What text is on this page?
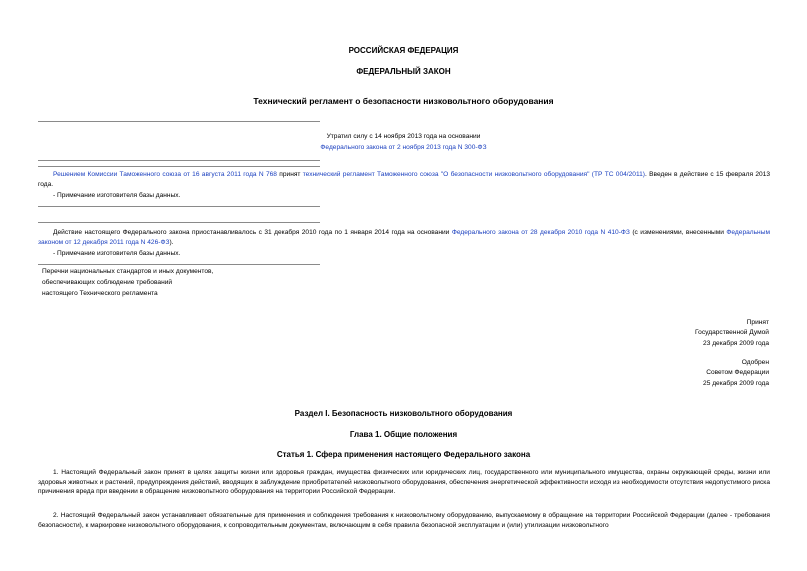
РОССИЙСКАЯ ФЕДЕРАЦИЯ
ФЕДЕРАЛЬНЫЙ ЗАКОН
Технический регламент о безопасности низковольтного оборудования
Утратил силу с 14 ноября 2013 года на основании
Федерального закона от 2 ноября 2013 года N 300-ФЗ
Решением Комиссии Таможенного союза от 16 августа 2011 года N 768 принят технический регламент Таможенного союза "О безопасности низковольтного оборудования" (ТР ТС 004/2011). Введен в действие с 15 февраля 2013 года.
- Примечание изготовителя базы данных.
Действие настоящего Федерального закона приостанавливалось с 31 декабря 2010 года по 1 января 2014 года на основании Федерального закона от 28 декабря 2010 года N 410-ФЗ (с изменениями, внесенными Федеральным законом от 12 декабря 2011 года N 426-ФЗ).
- Примечание изготовителя базы данных.
Перечни национальных стандартов и иных документов,
обеспечивающих соблюдение требований
настоящего Технического регламента
Принят
Государственной Думой
23 декабря 2009 года
Одобрен
Советом Федерации
25 декабря 2009 года
Раздел I. Безопасность низковольтного оборудования
Глава 1. Общие положения
Статья 1. Сфера применения настоящего Федерального закона
1. Настоящий Федеральный закон принят в целях защиты жизни или здоровья граждан, имущества физических или юридических лиц, государственного или муниципального имущества, охраны окружающей среды, жизни или здоровья животных и растений, предупреждения действий, вводящих в заблуждение приобретателей низковольтного оборудования, обеспечения энергетической эффективности исходя из необходимости отсутствия недопустимого риска причинения вреда при введении в обращение низковольтного оборудования на территории Российской Федерации.
2. Настоящий Федеральный закон устанавливает обязательные для применения и соблюдения требования к низковольтному оборудованию, выпускаемому в обращение на территории Российской Федерации (далее - требования безопасности), к маркировке низковольтного оборудования, к сопроводительным документам, включающим в себя правила безопасной эксплуатации и (или) утилизации низковольтного
